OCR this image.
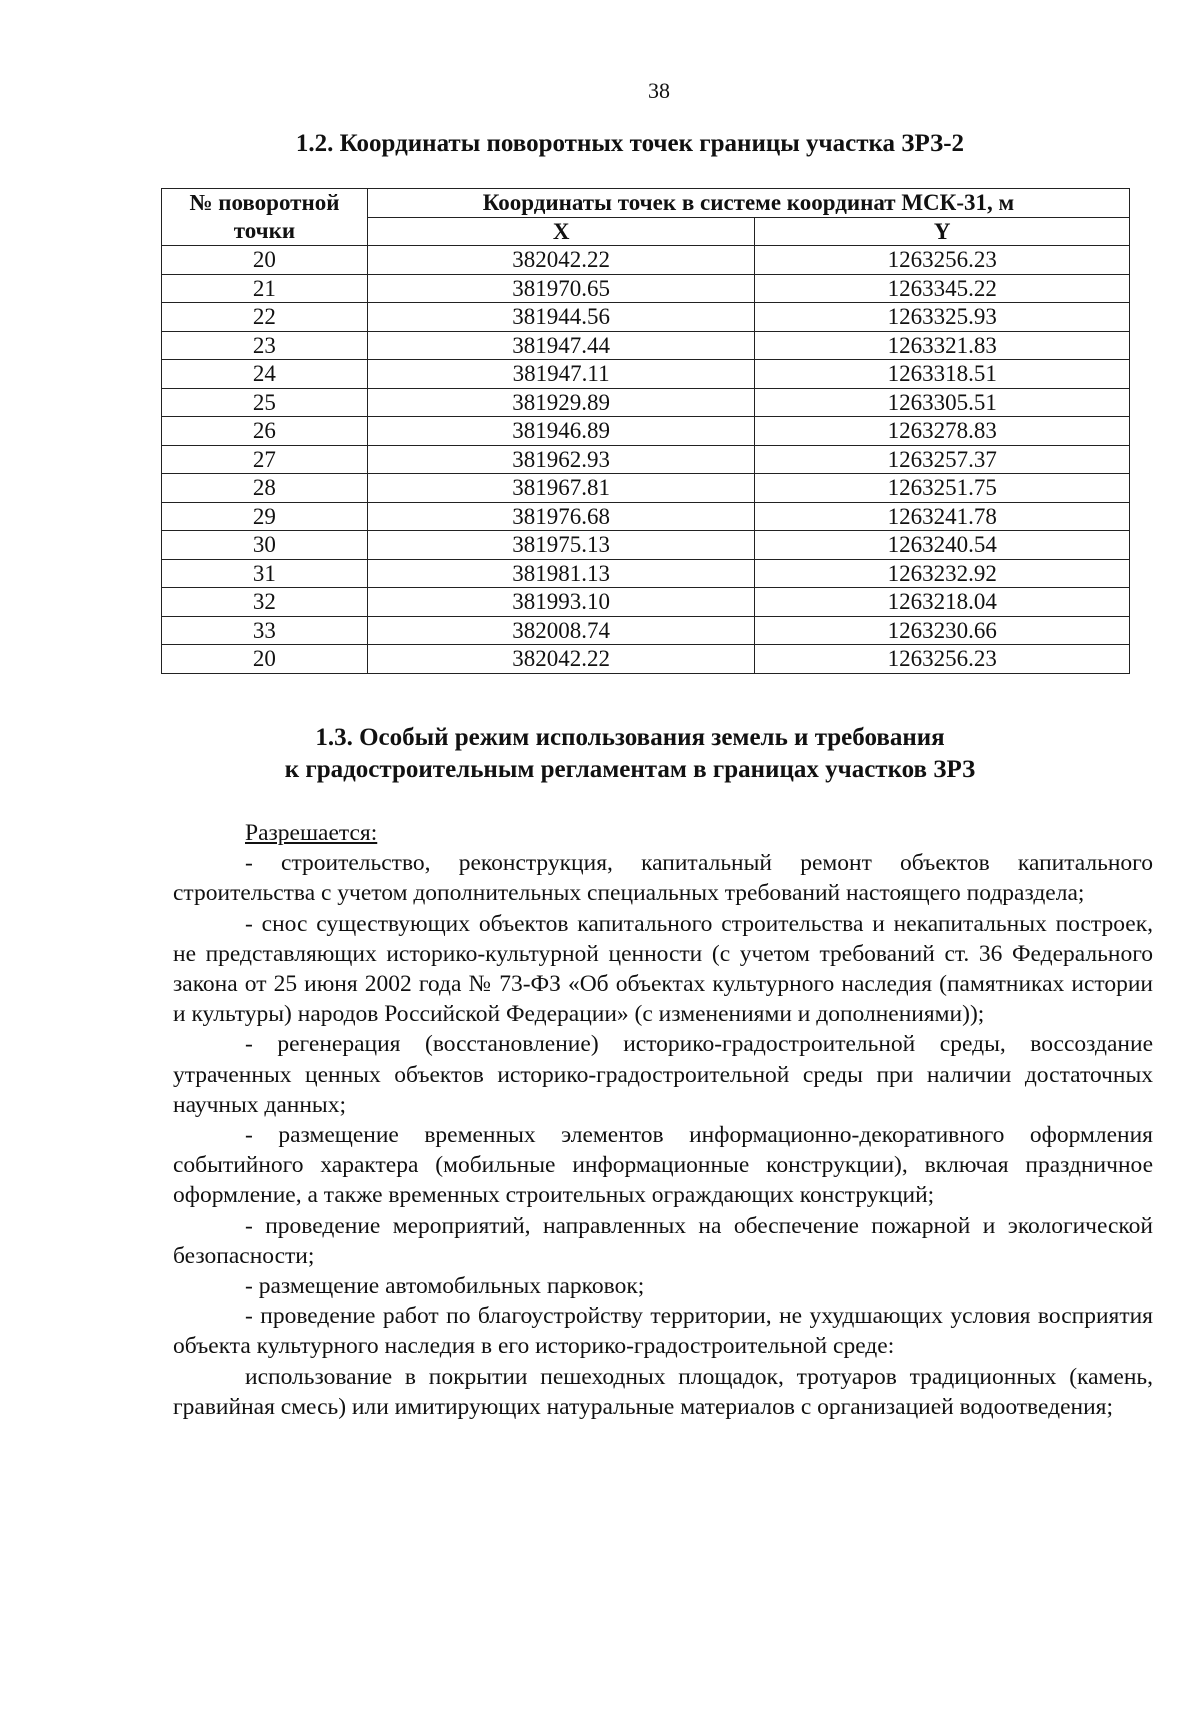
38
1.2. Координаты поворотных точек границы участка ЗРЗ-2
№ поворотной точки	Координаты точек в системе координат МСК-31, м	
	X	Y
20	382042.22	1263256.23
21	381970.65	1263345.22
22	381944.56	1263325.93
23	381947.44	1263321.83
24	381947.11	1263318.51
25	381929.89	1263305.51
26	381946.89	1263278.83
27	381962.93	1263257.37
28	381967.81	1263251.75
29	381976.68	1263241.78
30	381975.13	1263240.54
31	381981.13	1263232.92
32	381993.10	1263218.04
33	382008.74	1263230.66
20	382042.22	1263256.23
1.3. Особый режим использования земель и требования
к градостроительным регламентам в границах участков ЗРЗ

Разрешается:

- строительство, реконструкция, капитальный ремонт объектов капитального строительства с учетом дополнительных специальных требований настоящего подраздела;

- снос существующих объектов капитального строительства и некапитальных построек, не представляющих историко-культурной ценности (с учетом требований ст. 36 Федерального закона от 25 июня 2002 года № 73-ФЗ «Об объектах культурного наследия (памятниках истории и культуры) народов Российской Федерации» (с изменениями и дополнениями));

- регенерация (восстановление) историко-градостроительной среды, воссоздание утраченных ценных объектов историко-градостроительной среды при наличии достаточных научных данных;

- размещение временных элементов информационно-декоративного оформления событийного характера (мобильные информационные конструкции), включая праздничное оформление, а также временных строительных ограждающих конструкций;

- проведение мероприятий, направленных на обеспечение пожарной и экологической безопасности;

- размещение автомобильных парковок;

- проведение работ по благоустройству территории, не ухудшающих условия восприятия объекта культурного наследия в его историко-градостроительной среде:

использование в покрытии пешеходных площадок, тротуаров традиционных (камень, гравийная смесь) или имитирующих натуральные материалов с организацией водоотведения;
